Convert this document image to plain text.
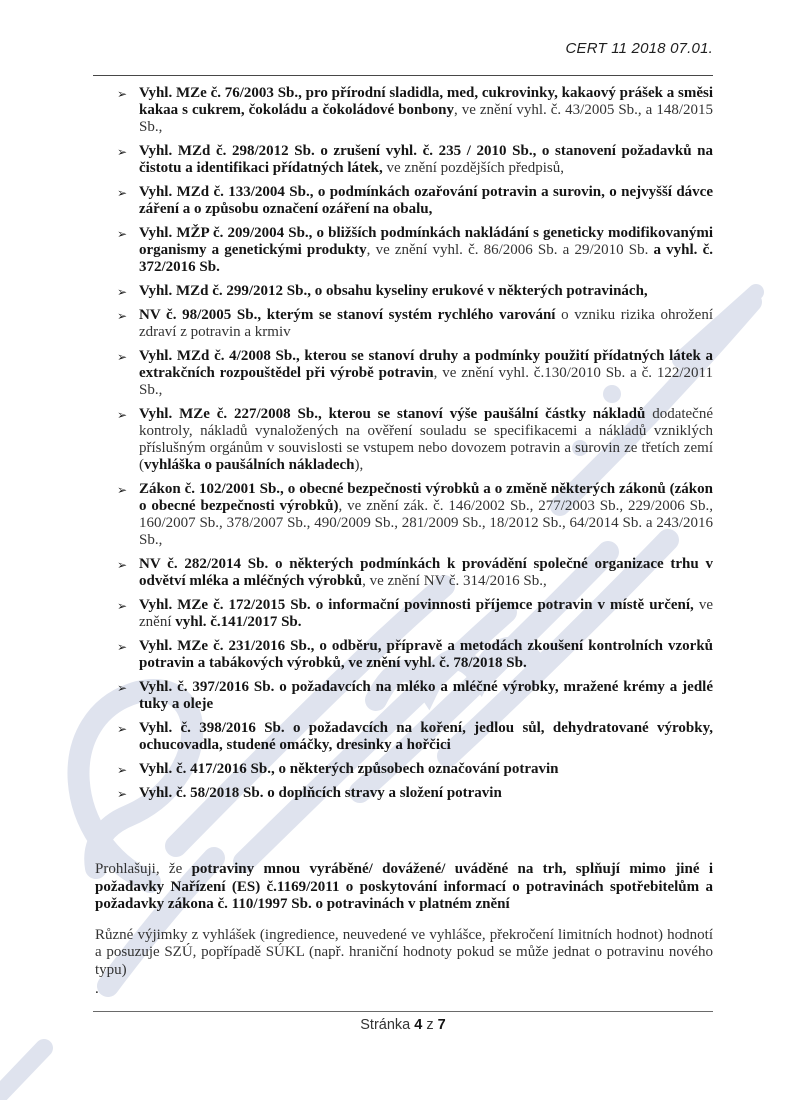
CERT 11 2018 07.01.
➢ Vyhl. MZe č. 76/2003 Sb., pro přírodní sladidla, med, cukrovinky, kakaový prášek a směsi kakaa s cukrem, čokoládu a čokoládové bonbony, ve znění vyhl. č. 43/2005 Sb., a 148/2015 Sb.,
➢ Vyhl. MZd č. 298/2012 Sb. o zrušení vyhl. č. 235 / 2010 Sb., o stanovení požadavků na čistotu a identifikaci přídatných látek, ve znění pozdějších předpisů,
➢ Vyhl. MZd č. 133/2004 Sb., o podmínkách ozařování potravin a surovin, o nejvyšší dávce záření a o způsobu označení ozáření na obalu,
➢ Vyhl. MŽP č. 209/2004 Sb., o bližších podmínkách nakládání s geneticky modifikovanými organismy a genetickými produkty, ve znění vyhl. č. 86/2006 Sb. a 29/2010 Sb. a vyhl. č. 372/2016 Sb.
➢ Vyhl. MZd č. 299/2012 Sb., o obsahu kyseliny erukové v některých potravinách,
➢ NV č. 98/2005 Sb., kterým se stanoví systém rychlého varování o vzniku rizika ohrožení zdraví z potravin a krmiv
➢ Vyhl. MZd č. 4/2008 Sb., kterou se stanoví druhy a podmínky použití přídatných látek a extrakčních rozpouštědel při výrobě potravin, ve znění vyhl. č.130/2010 Sb. a č. 122/2011 Sb.,
➢ Vyhl. MZe č. 227/2008 Sb., kterou se stanoví výše paušální částky nákladů dodatečné kontroly, nákladů vynaložených na ověření souladu se specifikacemi a nákladů vzniklých příslušným orgánům v souvislosti se vstupem nebo dovozem potravin a surovin ze třetích zemí (vyhláška o paušálních nákladech),
➢ Zákon č. 102/2001 Sb., o obecné bezpečnosti výrobků a o změně některých zákonů (zákon o obecné bezpečnosti výrobků), ve znění zák. č. 146/2002 Sb., 277/2003 Sb., 229/2006 Sb., 160/2007 Sb., 378/2007 Sb., 490/2009 Sb., 281/2009 Sb., 18/2012 Sb., 64/2014 Sb. a 243/2016 Sb.,
➢ NV č. 282/2014 Sb. o některých podmínkách k provádění společné organizace trhu v odvětví mléka a mléčných výrobků, ve znění NV č. 314/2016 Sb.,
➢ Vyhl. MZe č. 172/2015 Sb. o informační povinnosti příjemce potravin v místě určení, ve znění vyhl. č.141/2017 Sb.
➢ Vyhl. MZe č. 231/2016 Sb., o odběru, přípravě a metodách zkoušení kontrolních vzorků potravin a tabákových výrobků, ve znění vyhl. č. 78/2018 Sb.
➢ Vyhl. č. 397/2016 Sb. o požadavcích na mléko a mléčné výrobky, mražené krémy a jedlé tuky a oleje
➢ Vyhl. č. 398/2016 Sb. o požadavcích na koření, jedlou sůl, dehydratované výrobky, ochucovadla, studené omáčky, dresinky a hořčici
➢ Vyhl. č. 417/2016 Sb., o některých způsobech označování potravin
➢ Vyhl. č. 58/2018 Sb. o doplňcích stravy a složení potravin

Prohlašuji, že potraviny mnou vyráběné/ dovážené/ uváděné na trh, splňují mimo jiné i požadavky Nařízení (ES) č.1169/2011 o poskytování informací o potravinách spotřebitelům a požadavky zákona č. 110/1997 Sb. o potravinách v platném znění

Různé výjimky z vyhlášek (ingredience, neuvedené ve vyhlášce, překročení limitních hodnot) hodnotí a posuzuje SZÚ, popřípadě SÚKL (např. hraniční hodnoty pokud se může jednat o potravinu nového typu)

.

Stránka 4 z 7
